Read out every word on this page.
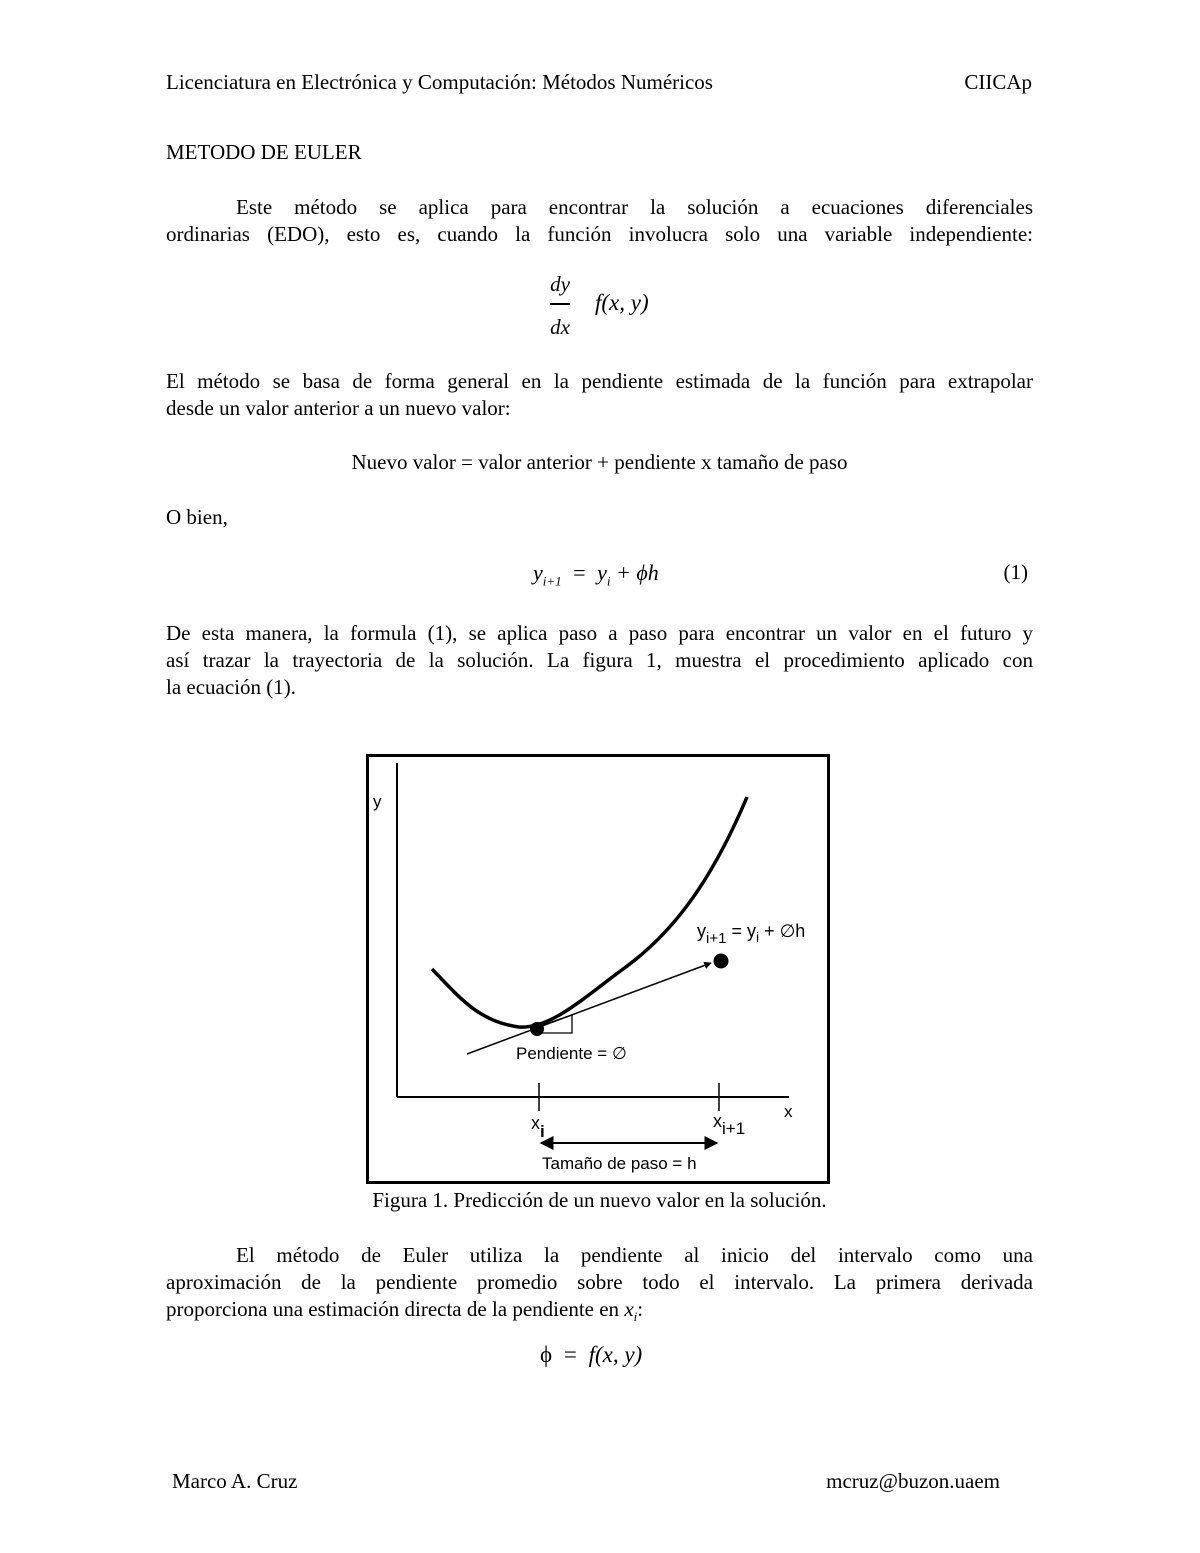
Licenciatura en Electrónica y Computación: Métodos Numéricos	CIICAp
METODO DE EULER
Este método se aplica para encontrar la solución a ecuaciones diferenciales
ordinarias (EDO), esto es, cuando la función involucra solo una variable independiente:
dy
dx
f(x, y)
El método se basa de forma general en la pendiente estimada de la función para extrapolar
desde un valor anterior a un nuevo valor:
Nuevo valor = valor anterior + pendiente x tamaño de paso
O bien,
$y_{i+1} = y_i + \phi h$	(1)
De esta manera, la formula (1), se aplica paso a paso para encontrar un valor en el futuro y
así trazar la trayectoria de la solución. La figura 1, muestra el procedimiento aplicado con
la ecuación (1).
y
x
$y_{i+1} = y_i$ + ∅h
Pendiente = ∅
xi
xi+1
Tamaño de paso = h
Figura 1. Predicción de un nuevo valor en la solución.
El método de Euler utiliza la pendiente al inicio del intervalo como una
aproximación de la pendiente promedio sobre todo el intervalo. La primera derivada
proporciona una estimación directa de la pendiente en $x_i$:
ϕ = f(x, y)
Marco A. Cruz	mcruz@buzon.uaem
